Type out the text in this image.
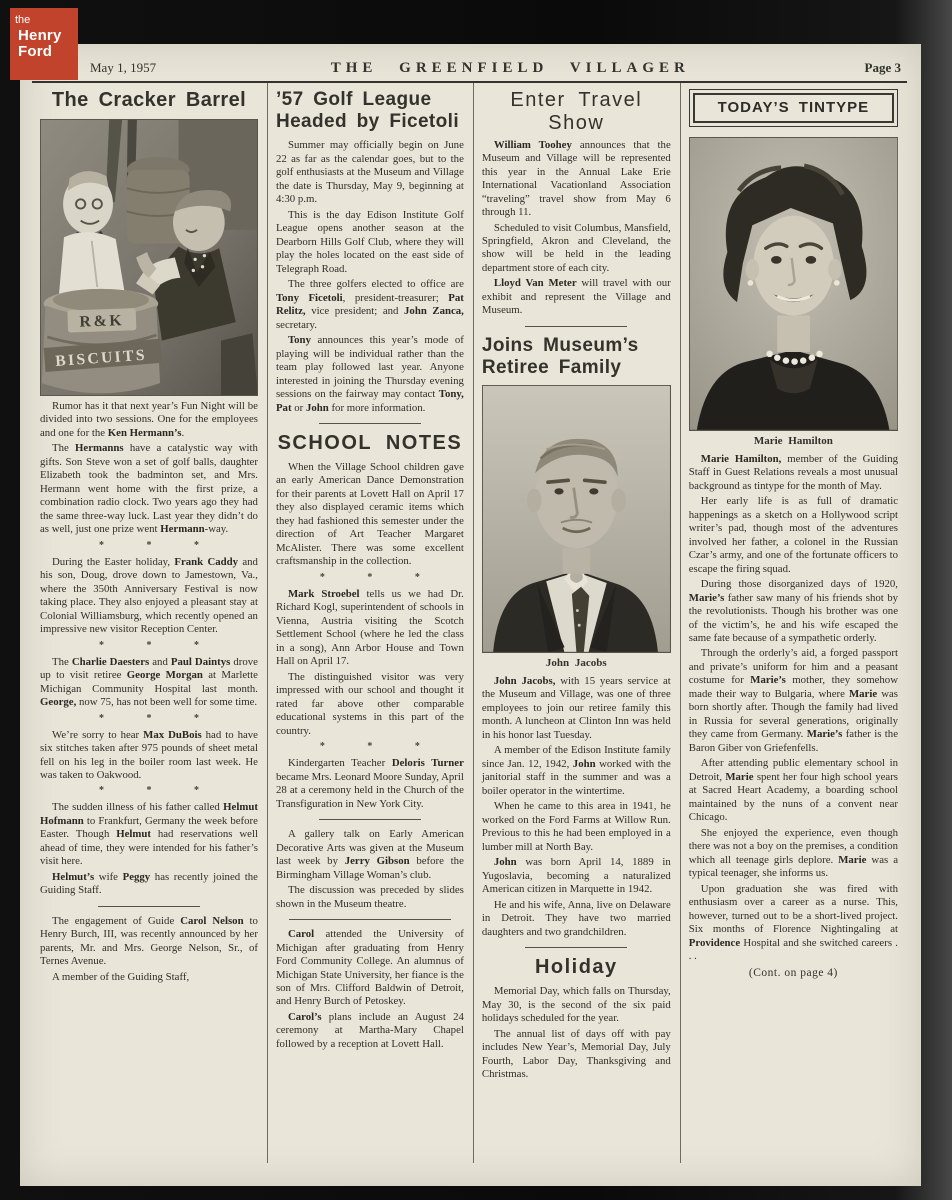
the
Henry
Ford
May 1, 1957	THE GREENFIELD VILLAGER	Page 3
The Cracker Barrel
R&K
BISCUITS

Rumor has it that next year’s Fun Night will be divided into two sessions. One for the employees and one for the Ken Hermann’s.

The Hermanns have a catalystic way with gifts. Son Steve won a set of golf balls, daughter Elizabeth took the badminton set, and Mrs. Hermann went home with the first prize, a combination radio clock. Two years ago they had the same three-way luck. Last year they didn’t do as well, just one prize went Hermann-way.

* * *

During the Easter holiday, Frank Caddy and his son, Doug, drove down to Jamestown, Va., where the 350th Anniversary Festival is now taking place. They also enjoyed a pleasant stay at Colonial Williamsburg, which recently opened an impressive new visitor Reception Center.

* * *

The Charlie Daesters and Paul Daintys drove up to visit retiree George Morgan at Marlette Michigan Community Hospital last month. George, now 75, has not been well for some time.

* * *

We’re sorry to hear Max DuBois had to have six stitches taken after 975 pounds of sheet metal fell on his leg in the boiler room last week. He was taken to Oakwood.

* * *

The sudden illness of his father called Helmut Hofmann to Frankfurt, Germany the week before Easter. Though Helmut had reservations well ahead of time, they were intended for his father’s visit here.

Helmut’s wife Peggy has recently joined the Guiding Staff.

The engagement of Guide Carol Nelson to Henry Burch, III, was recently announced by her parents, Mr. and Mrs. George Nelson, Sr., of Ternes Avenue.

A member of the Guiding Staff,

’57 Golf League Headed by Ficetoli

Summer may officially begin on June 22 as far as the calendar goes, but to the golf enthusiasts at the Museum and Village the date is Thursday, May 9, beginning at 4:30 p.m.

This is the day Edison Institute Golf League opens another season at the Dearborn Hills Golf Club, where they will play the holes located on the east side of Telegraph Road.

The three golfers elected to office are Tony Ficetoli, president-treasurer; Pat Relitz, vice president; and John Zanca, secretary.

Tony announces this year’s mode of playing will be individual rather than the team play followed last year. Anyone interested in joining the Thursday evening sessions on the fairway may contact Tony, Pat or John for more information.

SCHOOL NOTES

When the Village School children gave an early American Dance Demonstration for their parents at Lovett Hall on April 17 they also displayed ceramic items which they had fashioned this semester under the direction of Art Teacher Margaret McAlister. There was some excellent craftsmanship in the collection.

* * *

Mark Stroebel tells us we had Dr. Richard Kogl, superintendent of schools in Vienna, Austria visiting the Scotch Settlement School (where he led the class in a song), Ann Arbor House and Town Hall on April 17.

The distinguished visitor was very impressed with our school and thought it rated far above other comparable educational systems in this part of the country.

* * *

Kindergarten Teacher Deloris Turner became Mrs. Leonard Moore Sunday, April 28 at a ceremony held in the Church of the Transfiguration in New York City.

A gallery talk on Early American Decorative Arts was given at the Museum last week by Jerry Gibson before the Birmingham Village Woman’s club.

The discussion was preceded by slides shown in the Museum theatre.

Carol attended the University of Michigan after graduating from Henry Ford Community College. An alumnus of Michigan State University, her fiance is the son of Mrs. Clifford Baldwin of Detroit, and Henry Burch of Petoskey.

Carol’s plans include an August 24 ceremony at Martha-Mary Chapel followed by a reception at Lovett Hall.

Enter Travel Show

William Toohey announces that the Museum and Village will be represented this year in the Annual Lake Erie International Vacationland Association “traveling” travel show from May 6 through 11.

Scheduled to visit Columbus, Mansfield, Springfield, Akron and Cleveland, the show will be held in the leading department store of each city.

Lloyd Van Meter will travel with our exhibit and represent the Village and Museum.

Joins Museum’s Retiree Family
John Jacobs

John Jacobs, with 15 years service at the Museum and Village, was one of three employees to join our retiree family this month. A luncheon at Clinton Inn was held in his honor last Tuesday.

A member of the Edison Institute family since Jan. 12, 1942, John worked with the janitorial staff in the summer and was a boiler operator in the wintertime.

When he came to this area in 1941, he worked on the Ford Farms at Willow Run. Previous to this he had been employed in a lumber mill at North Bay.

John was born April 14, 1889 in Yugoslavia, becoming a naturalized American citizen in Marquette in 1942.

He and his wife, Anna, live on Delaware in Detroit. They have two married daughters and two grandchildren.

Holiday

Memorial Day, which falls on Thursday, May 30, is the second of the six paid holidays scheduled for the year.

The annual list of days off with pay includes New Year’s, Memorial Day, July Fourth, Labor Day, Thanksgiving and Christmas.

TODAY’S TINTYPE
Marie Hamilton

Marie Hamilton, member of the Guiding Staff in Guest Relations reveals a most unusual background as tintype for the month of May.

Her early life is as full of dramatic happenings as a sketch on a Hollywood script writer’s pad, though most of the adventures involved her father, a colonel in the Russian Czar’s army, and one of the fortunate officers to escape the firing squad.

During those disorganized days of 1920, Marie’s father saw many of his friends shot by the revolutionists. Though his brother was one of the victim’s, he and his wife escaped the same fate because of a sympathetic orderly.

Through the orderly’s aid, a forged passport and private’s uniform for him and a peasant costume for Marie’s mother, they somehow made their way to Bulgaria, where Marie was born shortly after. Though the family had lived in Russia for several generations, originally they came from Germany. Marie’s father is the Baron Giber von Griefenfells.

After attending public elementary school in Detroit, Marie spent her four high school years at Sacred Heart Academy, a boarding school maintained by the nuns of a convent near Chicago.

She enjoyed the experience, even though there was not a boy on the premises, a condition which all teenage girls deplore. Marie was a typical teenager, she informs us.

Upon graduation she was fired with enthusiasm over a career as a nurse. This, however, turned out to be a short-lived project. Six months of Florence Nightingaling at Providence Hospital and she switched careers . . .

(Cont. on page 4)
